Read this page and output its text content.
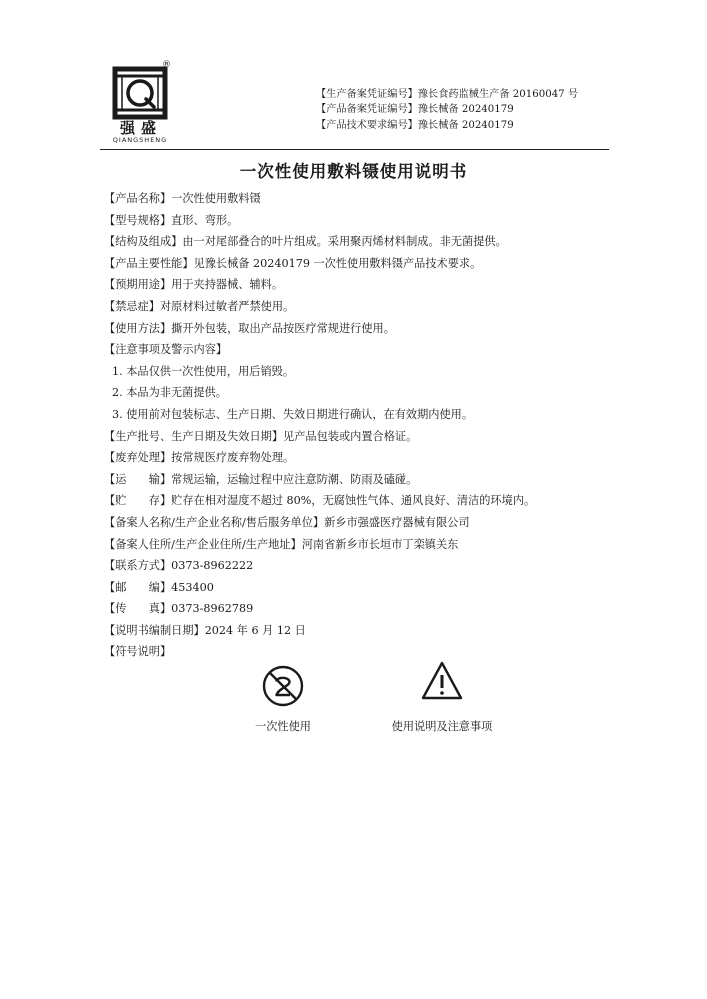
®
强盛
QIANGSHENG
【生产备案凭证编号】豫长食药监械生产备 20160047 号
【产品备案凭证编号】豫长械备 20240179
【产品技术要求编号】豫长械备 20240179
一次性使用敷料镊使用说明书
【产品名称】一次性使用敷料镊
【型号规格】直形、弯形。
【结构及组成】由一对尾部叠合的叶片组成。采用聚丙烯材料制成。非无菌提供。
【产品主要性能】见豫长械备 20240179 一次性使用敷料镊产品技术要求。
【预期用途】用于夹持器械、辅料。
【禁忌症】对原材料过敏者严禁使用。
【使用方法】撕开外包装，取出产品按医疗常规进行使用。
【注意事项及警示内容】
1. 本品仅供一次性使用，用后销毁。
2. 本品为非无菌提供。
3. 使用前对包装标志、生产日期、失效日期进行确认，在有效期内使用。
【生产批号、生产日期及失效日期】见产品包装或内置合格证。
【废弃处理】按常规医疗废弃物处理。
【运　　输】常规运输，运输过程中应注意防潮、防雨及磕碰。
【贮　　存】贮存在相对湿度不超过 80%，无腐蚀性气体、通风良好、清洁的环境内。
【备案人名称/生产企业名称/售后服务单位】新乡市强盛医疗器械有限公司
【备案人住所/生产企业住所/生产地址】河南省新乡市长垣市丁栾镇关东
【联系方式】0373-8962222
【邮　　编】453400
【传　　真】0373-8962789
【说明书编制日期】2024 年 6 月 12 日
【符号说明】
一次性使用	使用说明及注意事项
